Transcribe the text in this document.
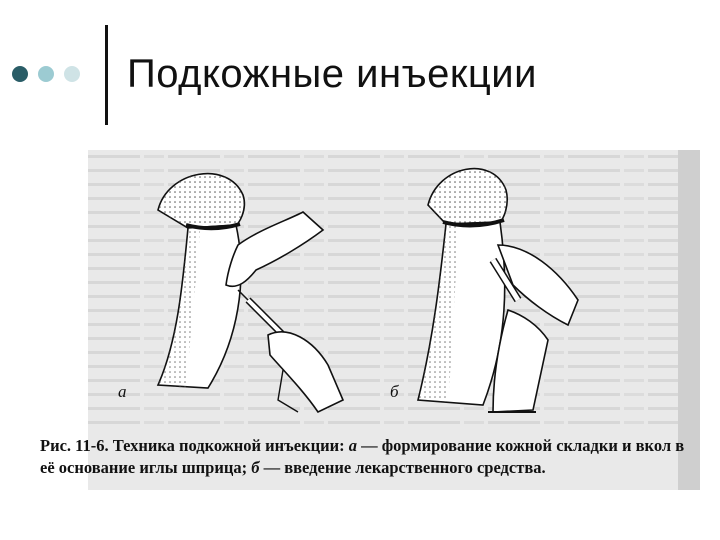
Подкожные инъекции
а	б
Рис. 11-6. Техника подкожной инъекции: а — формирование кожной складки и вкол в её основание иглы шприца; б — введение лекарственного средства.
